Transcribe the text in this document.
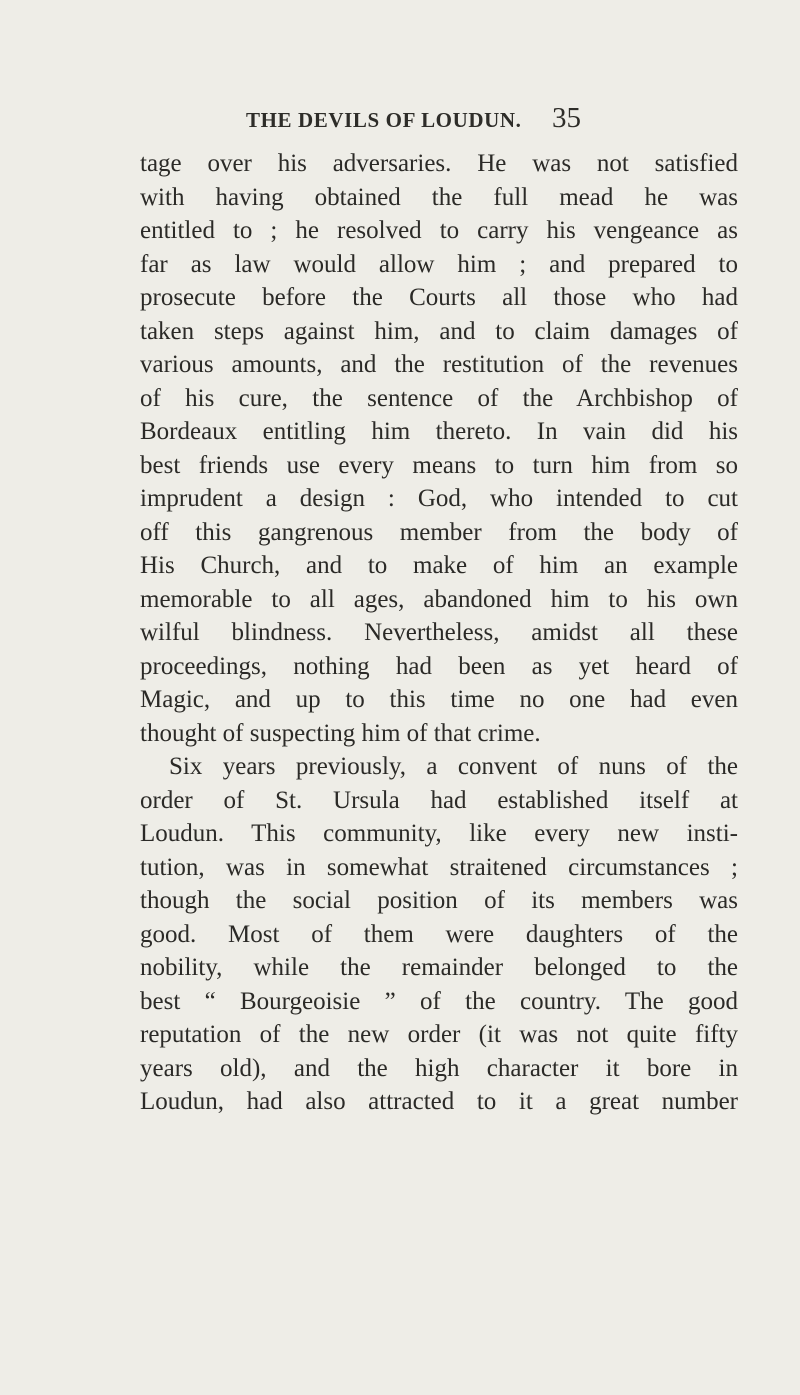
THE DEVILS OF LOUDUN. 35
tage over his adversaries. He was not satisfied
with having obtained the full mead he was
entitled to ; he resolved to carry his vengeance as
far as law would allow him ; and prepared to
prosecute before the Courts all those who had
taken steps against him, and to claim damages of
various amounts, and the restitution of the revenues
of his cure, the sentence of the Archbishop of
Bordeaux entitling him thereto. In vain did his
best friends use every means to turn him from so
imprudent a design : God, who intended to cut
off this gangrenous member from the body of
His Church, and to make of him an example
memorable to all ages, abandoned him to his own
wilful blindness. Nevertheless, amidst all these
proceedings, nothing had been as yet heard of
Magic, and up to this time no one had even
thought of suspecting him of that crime.
Six years previously, a convent of nuns of the
order of St. Ursula had established itself at
Loudun. This community, like every new insti-
tution, was in somewhat straitened circumstances ;
though the social position of its members was
good. Most of them were daughters of the
nobility, while the remainder belonged to the
best “ Bourgeoisie ” of the country. The good
reputation of the new order (it was not quite fifty
years old), and the high character it bore in
Loudun, had also attracted to it a great number
